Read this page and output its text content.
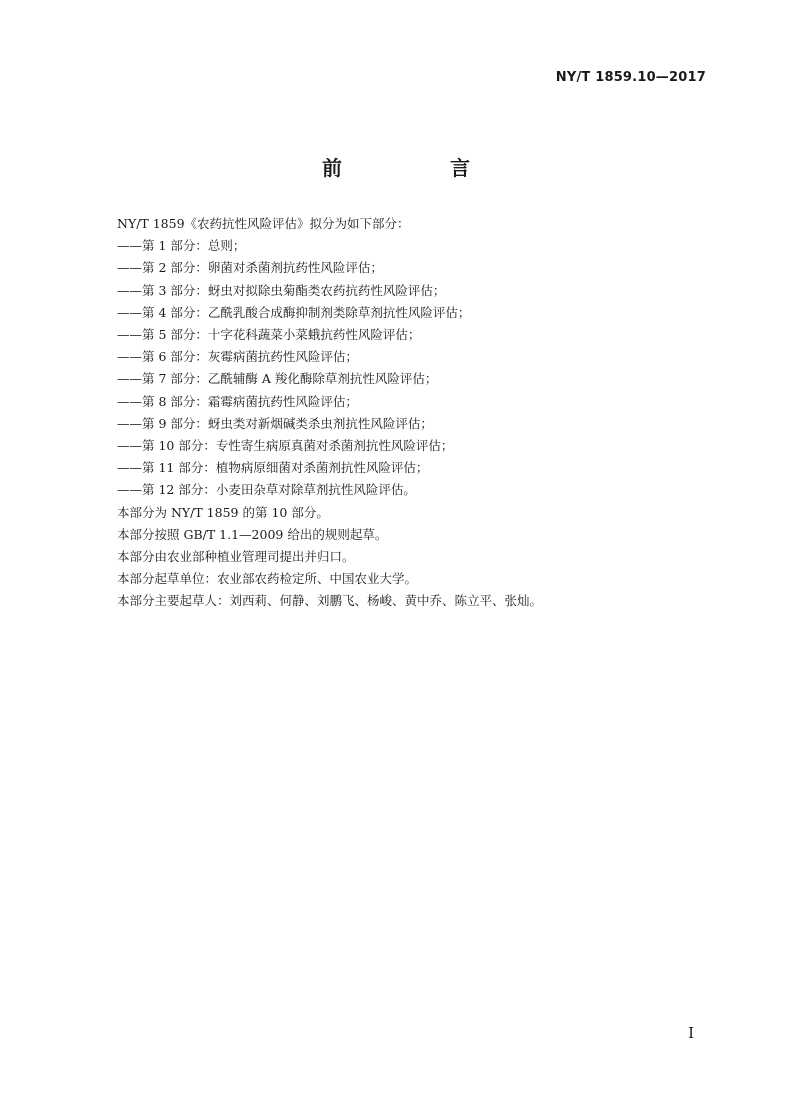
NY/T 1859.10—2017
前　言
NY/T 1859《农药抗性风险评估》拟分为如下部分：
——第 1 部分：总则；
——第 2 部分：卵菌对杀菌剂抗药性风险评估；
——第 3 部分：蚜虫对拟除虫菊酯类农药抗药性风险评估；
——第 4 部分：乙酰乳酸合成酶抑制剂类除草剂抗性风险评估；
——第 5 部分：十字花科蔬菜小菜蛾抗药性风险评估；
——第 6 部分：灰霉病菌抗药性风险评估；
——第 7 部分：乙酰辅酶 A 羧化酶除草剂抗性风险评估；
——第 8 部分：霜霉病菌抗药性风险评估；
——第 9 部分：蚜虫类对新烟碱类杀虫剂抗性风险评估；
——第 10 部分：专性寄生病原真菌对杀菌剂抗性风险评估；
——第 11 部分：植物病原细菌对杀菌剂抗性风险评估；
——第 12 部分：小麦田杂草对除草剂抗性风险评估。
本部分为 NY/T 1859 的第 10 部分。
本部分按照 GB/T 1.1—2009 给出的规则起草。
本部分由农业部种植业管理司提出并归口。
本部分起草单位：农业部农药检定所、中国农业大学。
本部分主要起草人：刘西莉、何静、刘鹏飞、杨峻、黄中乔、陈立平、张灿。
I
